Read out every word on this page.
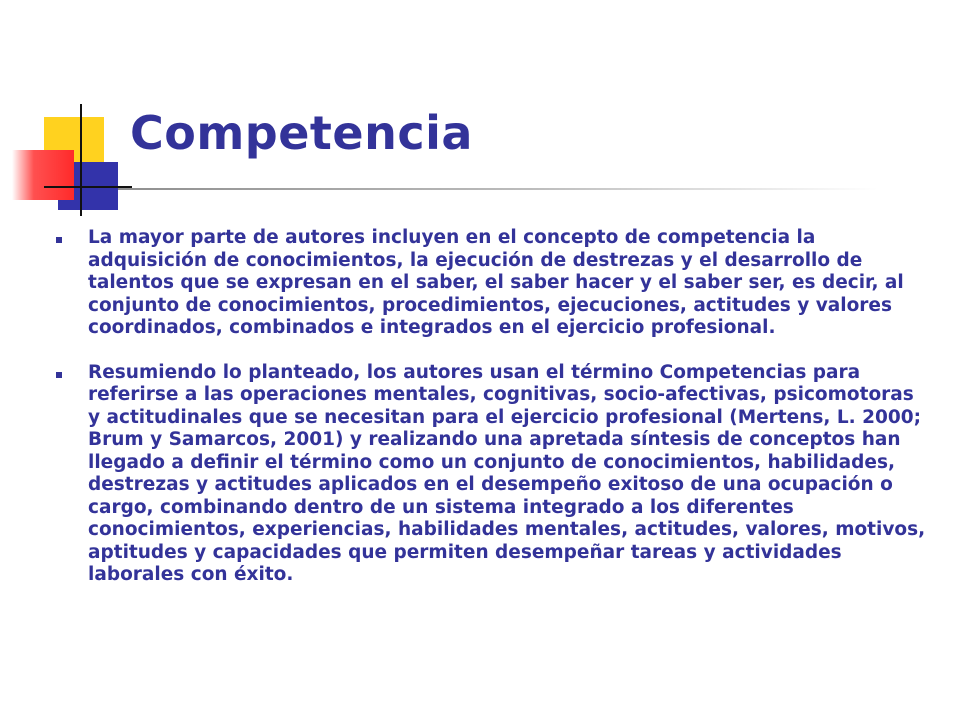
Competencia
La mayor parte de autores incluyen en el concepto de competencia la adquisición de conocimientos, la ejecución de destrezas y el desarrollo de talentos que se expresan en el saber, el saber hacer y el saber ser, es decir, al conjunto de conocimientos, procedimientos, ejecuciones, actitudes y valores coordinados, combinados e integrados en el ejercicio profesional.
Resumiendo lo planteado, los autores usan el término Competencias para referirse a las operaciones mentales, cognitivas, socio-afectivas, psicomotoras y actitudinales que se necesitan para el ejercicio profesional (Mertens, L. 2000; Brum y Samarcos, 2001) y realizando una apretada síntesis de conceptos han llegado a definir el término como un conjunto de conocimientos, habilidades, destrezas y actitudes aplicados en el desempeño exitoso de una ocupación o cargo, combinando dentro de un sistema integrado a los diferentes conocimientos, experiencias, habilidades mentales, actitudes, valores, motivos, aptitudes y capacidades que permiten desempeñar tareas y actividades laborales con éxito.
